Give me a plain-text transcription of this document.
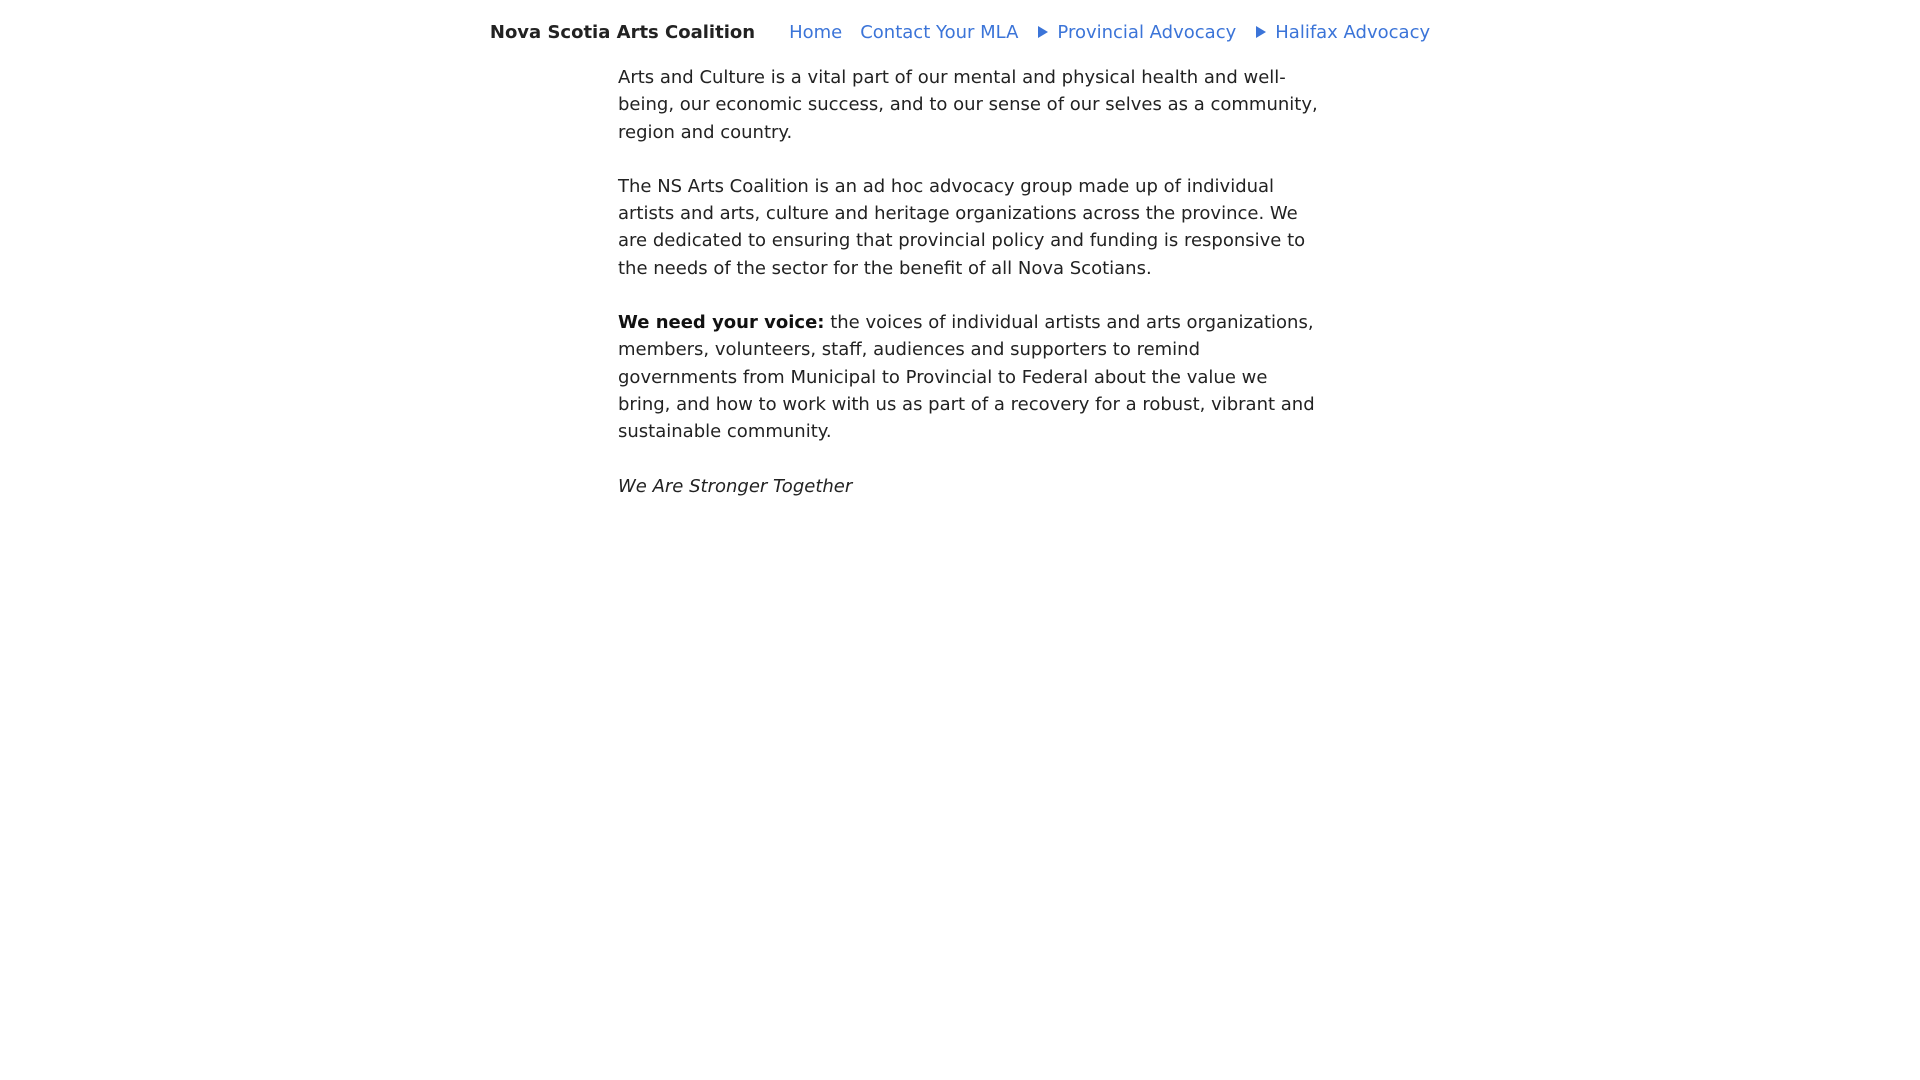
Nova Scotia Arts Coalition Home Contact Your MLA Provincial Advocacy Halifax Advocacy

Arts and Culture is a vital part of our mental and physical health and well-being, our economic success, and to our sense of our selves as a community, region and country.

The NS Arts Coalition is an ad hoc advocacy group made up of individual artists and arts, culture and heritage organizations across the province. We are dedicated to ensuring that provincial policy and funding is responsive to the needs of the sector for the benefit of all Nova Scotians.

We need your voice: the voices of individual artists and arts organizations, members, volunteers, staff, audiences and supporters to remind governments from Municipal to Provincial to Federal about the value we bring, and how to work with us as part of a recovery for a robust, vibrant and sustainable community.

We Are Stronger Together
